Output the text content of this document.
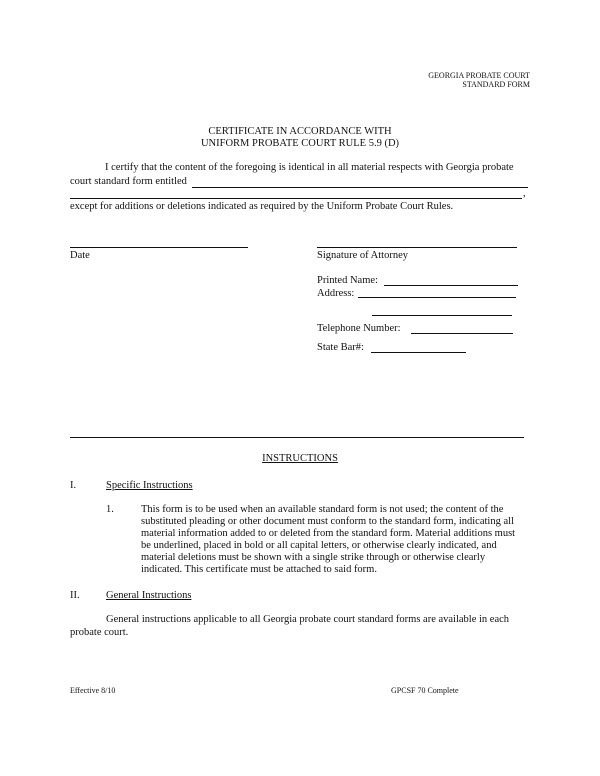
GEORGIA PROBATE COURT
STANDARD FORM
CERTIFICATE IN ACCORDANCE WITH
UNIFORM PROBATE COURT RULE 5.9 (D)
I certify that the content of the foregoing is identical in all material respects with Georgia probate
court standard form entitled
,
except for additions or deletions indicated as required by the Uniform Probate Court Rules.
Date	Signature of Attorney
Printed Name:
Address:
Telephone Number:
State Bar#:
INSTRUCTIONS
I.	Specific Instructions
1.	This form is to be used when an available standard form is not used; the content of the
substituted pleading or other document must conform to the standard form, indicating all
material information added to or deleted from the standard form. Material additions must
be underlined, placed in bold or all capital letters, or otherwise clearly indicated, and
material deletions must be shown with a single strike through or otherwise clearly
indicated. This certificate must be attached to said form.
II.	General Instructions
General instructions applicable to all Georgia probate court standard forms are available in each
probate court.
Effective 8/10	GPCSF 70 Complete
